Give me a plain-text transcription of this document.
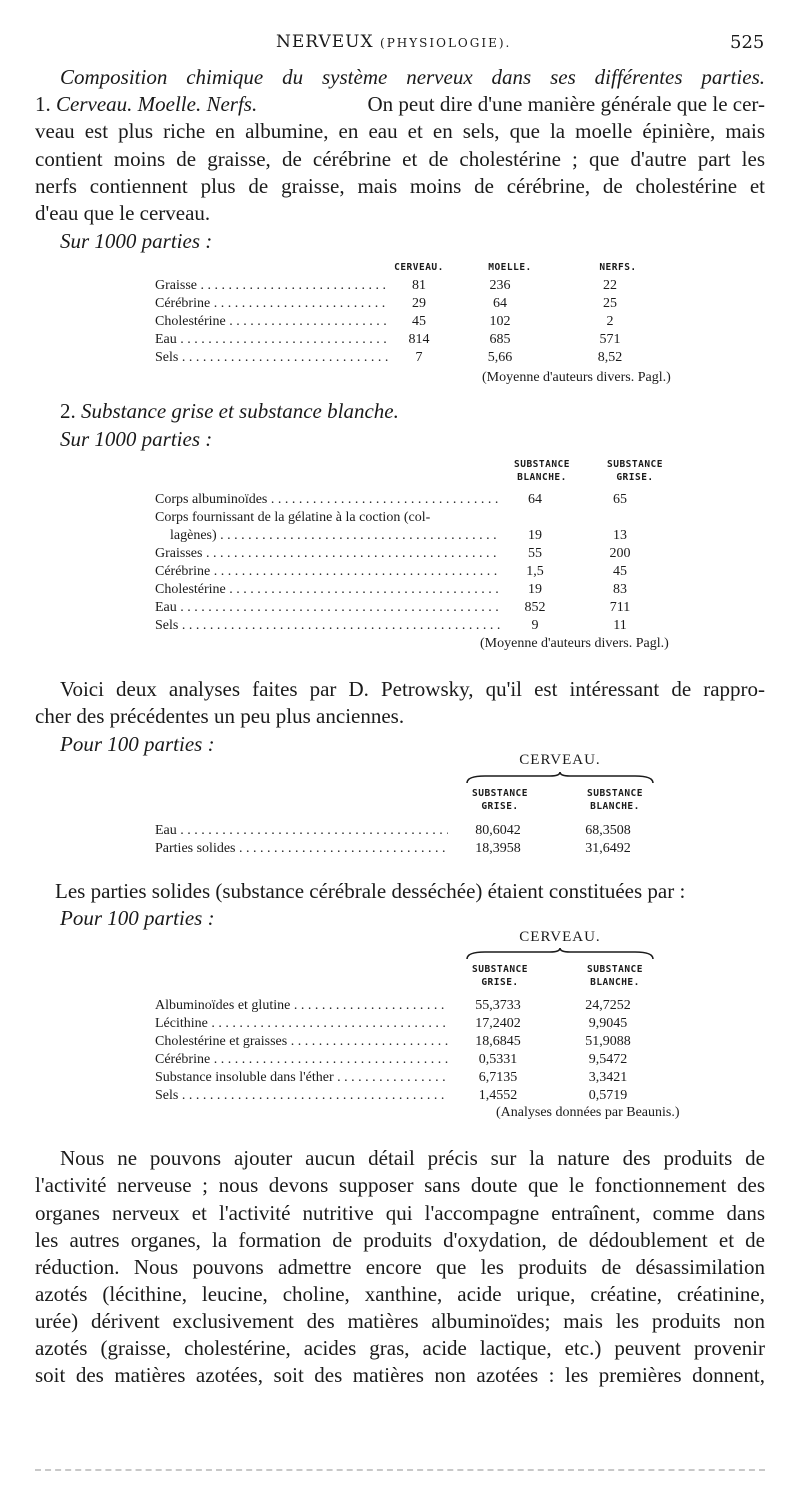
NERVEUX (PHYSIOLOGIE).	525
Composition chimique du système nerveux dans ses différentes parties.
1. Cerveau. Moelle. Nerfs.	On peut dire d'une manière générale que le cer-
veau est plus riche en albumine, en eau et en sels, que la moelle épinière, mais
contient moins de graisse, de cérébrine et de cholestérine ; que d'autre part les
nerfs contiennent plus de graisse, mais moins de cérébrine, de cholestérine et
d'eau que le cerveau.
Sur 1000 parties :
CERVEAU.	MOELLE.	NERFS.
Graisse . . .	81	236	22
Cérébrine . . .	29	64	25
Cholestérine . . .	45	102	2
Eau . . .	814	685	571
Sels . . .	7	5,66	8,52
(Moyenne d'auteurs divers. Pagl.)
2. Substance grise et substance blanche.
Sur 1000 parties :
SUBSTANCE
BLANCHE.
SUBSTANCE
GRISE.
Corps albuminoïdes . . .	64	65
Corps fournissant de la gélatine à la coction (col-
lagènes) . . .	19	13
Graisses . . .	55	200
Cérébrine . . .	1,5	45
Cholestérine . . .	19	83
Eau . . .	852	711
Sels . . .	9	11
(Moyenne d'auteurs divers. Pagl.)
Voici deux analyses faites par D. Petrowsky, qu'il est intéressant de rappro-
cher des précédentes un peu plus anciennes.
Pour 100 parties :
CERVEAU.
SUBSTANCE
GRISE.
SUBSTANCE
BLANCHE.
Eau . . .	80,6042	68,3508
Parties solides . . .	18,3958	31,6492
Les parties solides (substance cérébrale desséchée) étaient constituées par :
Pour 100 parties :
CERVEAU.
SUBSTANCE
GRISE.
SUBSTANCE
BLANCHE.
Albuminoïdes et glutine . . .	55,3733	24,7252
Lécithine . . .	17,2402	9,9045
Cholestérine et graisses . . .	18,6845	51,9088
Cérébrine . . .	0,5331	9,5472
Substance insoluble dans l'éther . . .	6,7135	3,3421
Sels . . .	1,4552	0,5719
(Analyses données par Beaunis.)
Nous ne pouvons ajouter aucun détail précis sur la nature des produits de
l'activité nerveuse ; nous devons supposer sans doute que le fonctionnement des
organes nerveux et l'activité nutritive qui l'accompagne entraînent, comme dans
les autres organes, la formation de produits d'oxydation, de dédoublement et de
réduction. Nous pouvons admettre encore que les produits de désassimilation
azotés (lécithine, leucine, choline, xanthine, acide urique, créatine, créatinine,
urée) dérivent exclusivement des matières albuminoïdes; mais les produits non
azotés (graisse, cholestérine, acides gras, acide lactique, etc.) peuvent provenir
soit des matières azotées, soit des matières non azotées : les premières donnent,
